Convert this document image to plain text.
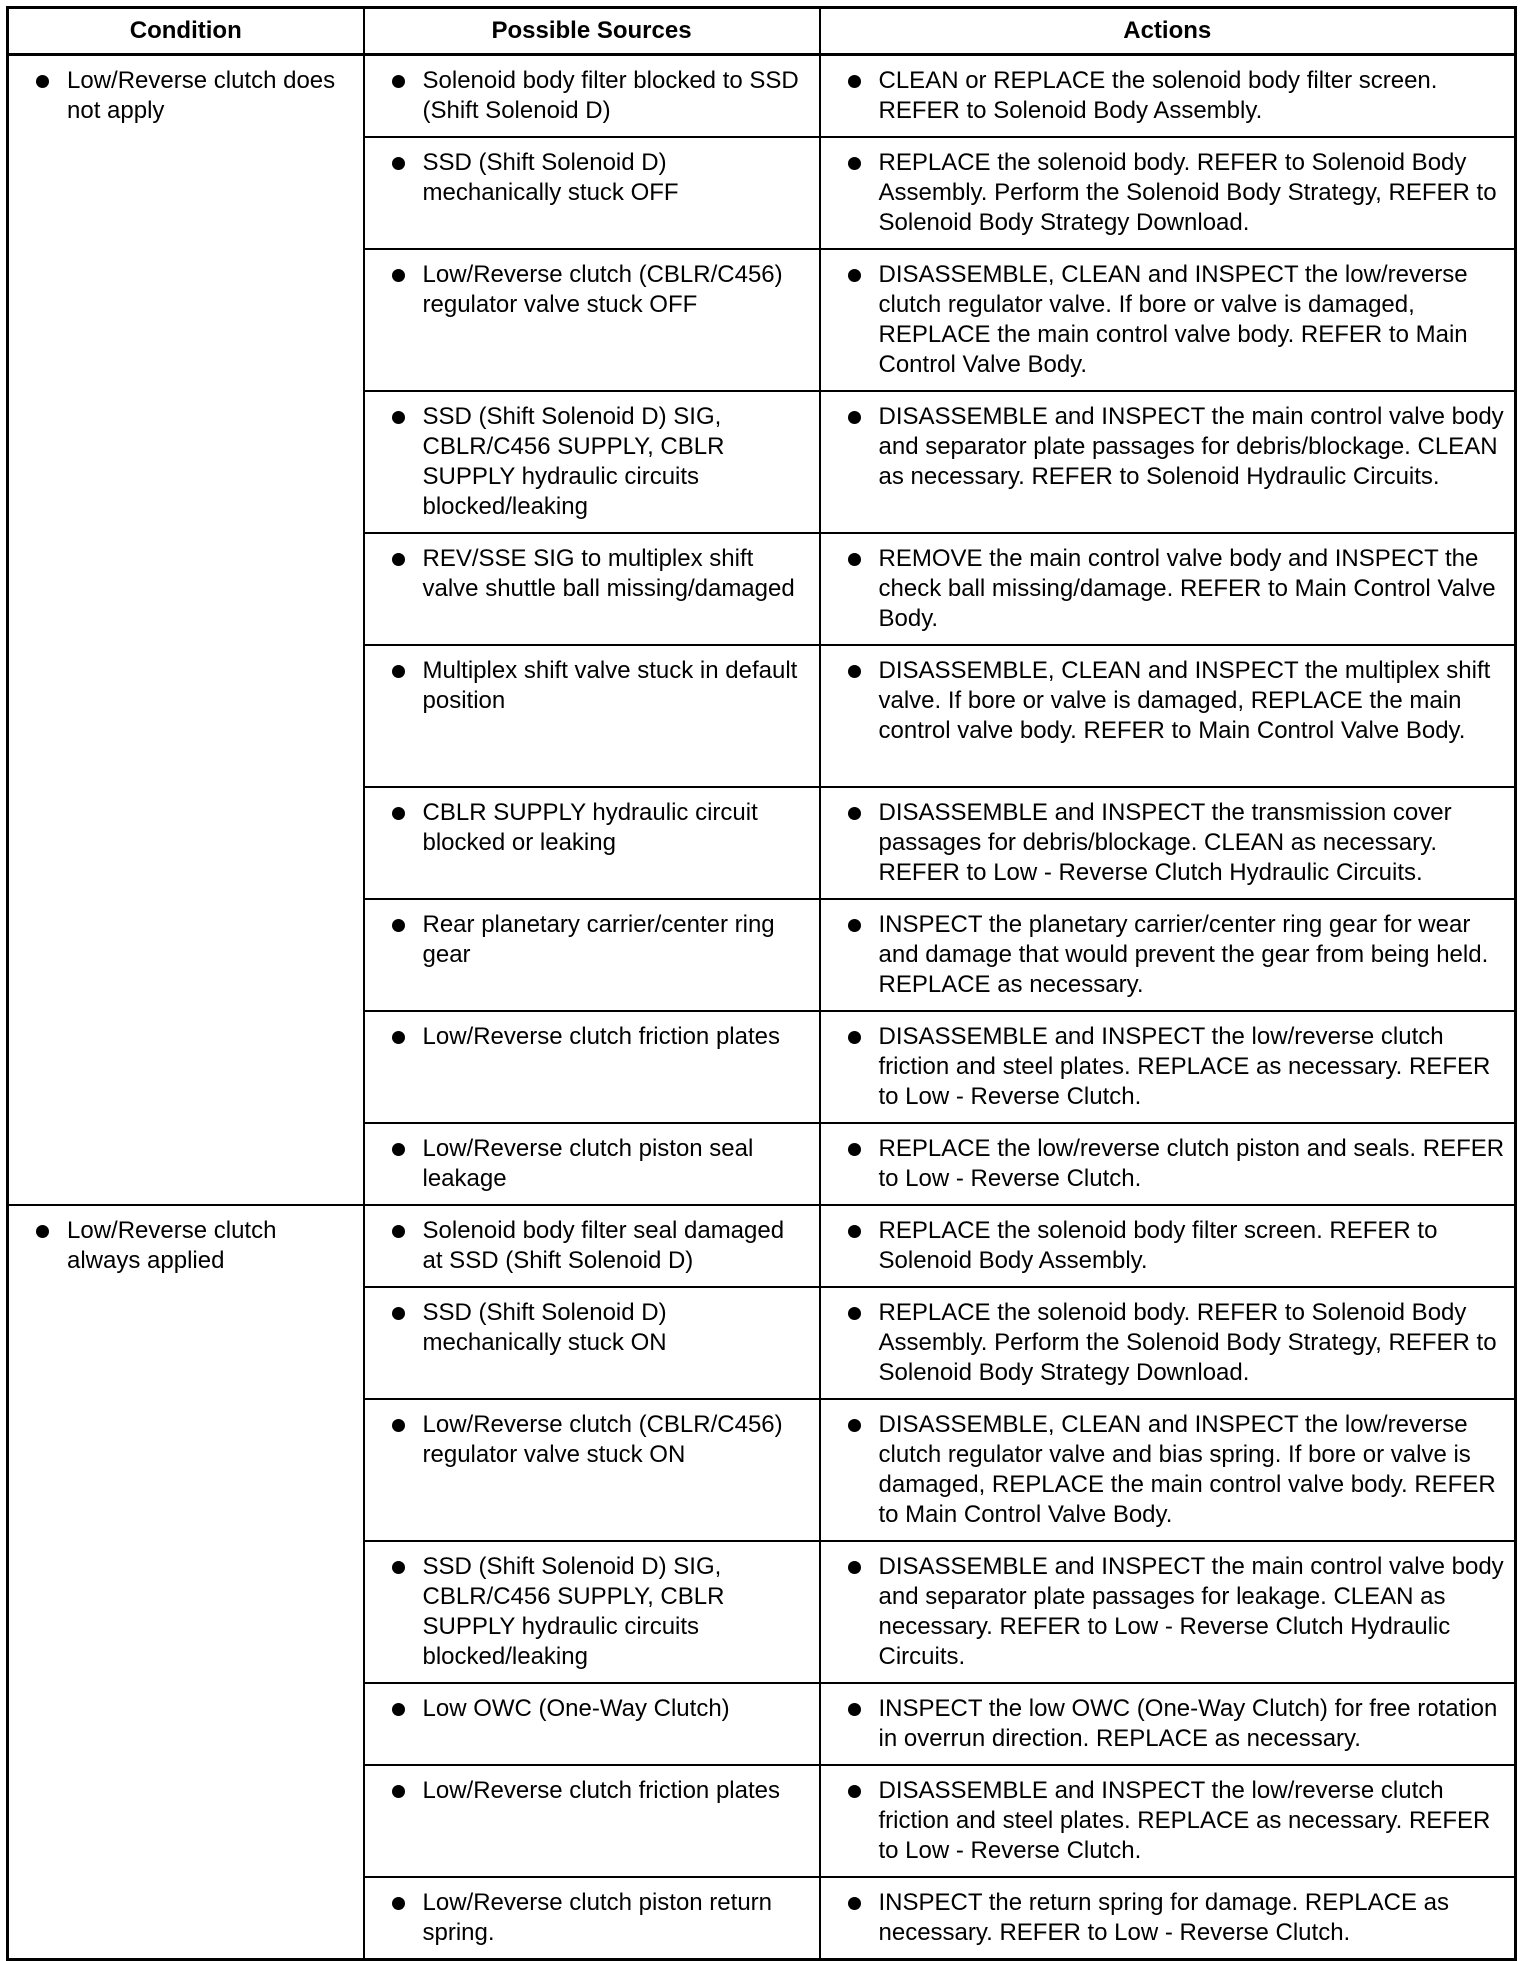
Condition	Possible Sources	Actions

Low/Reverse clutch does not apply	Solenoid body filter blocked to SSD (Shift Solenoid D)	CLEAN or REPLACE the solenoid body filter screen. REFER to Solenoid Body Assembly.

	SSD (Shift Solenoid D) mechanically stuck OFF	REPLACE the solenoid body. REFER to Solenoid Body Assembly. Perform the Solenoid Body Strategy, REFER to Solenoid Body Strategy Download.

	Low/Reverse clutch (CBLR/C456) regulator valve stuck OFF	DISASSEMBLE, CLEAN and INSPECT the low/reverse clutch regulator valve. If bore or valve is damaged, REPLACE the main control valve body. REFER to Main Control Valve Body.

	SSD (Shift Solenoid D) SIG, CBLR/C456 SUPPLY, CBLR SUPPLY hydraulic circuits blocked/leaking	DISASSEMBLE and INSPECT the main control valve body and separator plate passages for debris/blockage. CLEAN as necessary. REFER to Solenoid Hydraulic Circuits.

	REV/SSE SIG to multiplex shift valve shuttle ball missing/damaged	REMOVE the main control valve body and INSPECT the check ball missing/damage. REFER to Main Control Valve Body.

	Multiplex shift valve stuck in default position	DISASSEMBLE, CLEAN and INSPECT the multiplex shift valve. If bore or valve is damaged, REPLACE the main control valve body. REFER to Main Control Valve Body.

	CBLR SUPPLY hydraulic circuit blocked or leaking	DISASSEMBLE and INSPECT the transmission cover passages for debris/blockage. CLEAN as necessary. REFER to Low - Reverse Clutch Hydraulic Circuits.

	Rear planetary carrier/center ring gear	INSPECT the planetary carrier/center ring gear for wear and damage that would prevent the gear from being held. REPLACE as necessary.

	Low/Reverse clutch friction plates	DISASSEMBLE and INSPECT the low/reverse clutch friction and steel plates. REPLACE as necessary. REFER to Low - Reverse Clutch.

	Low/Reverse clutch piston seal leakage	REPLACE the low/reverse clutch piston and seals. REFER to Low - Reverse Clutch.

Low/Reverse clutch always applied	Solenoid body filter seal damaged at SSD (Shift Solenoid D)	REPLACE the solenoid body filter screen. REFER to Solenoid Body Assembly.

	SSD (Shift Solenoid D) mechanically stuck ON	REPLACE the solenoid body. REFER to Solenoid Body Assembly. Perform the Solenoid Body Strategy, REFER to Solenoid Body Strategy Download.

	Low/Reverse clutch (CBLR/C456) regulator valve stuck ON	DISASSEMBLE, CLEAN and INSPECT the low/reverse clutch regulator valve and bias spring. If bore or valve is damaged, REPLACE the main control valve body. REFER to Main Control Valve Body.

	SSD (Shift Solenoid D) SIG, CBLR/C456 SUPPLY, CBLR SUPPLY hydraulic circuits blocked/leaking	DISASSEMBLE and INSPECT the main control valve body and separator plate passages for leakage. CLEAN as necessary. REFER to Low - Reverse Clutch Hydraulic Circuits.

	Low OWC (One-Way Clutch)	INSPECT the low OWC (One-Way Clutch) for free rotation in overrun direction. REPLACE as necessary.

	Low/Reverse clutch friction plates	DISASSEMBLE and INSPECT the low/reverse clutch friction and steel plates. REPLACE as necessary. REFER to Low - Reverse Clutch.

	Low/Reverse clutch piston return spring.	INSPECT the return spring for damage. REPLACE as necessary. REFER to Low - Reverse Clutch.
